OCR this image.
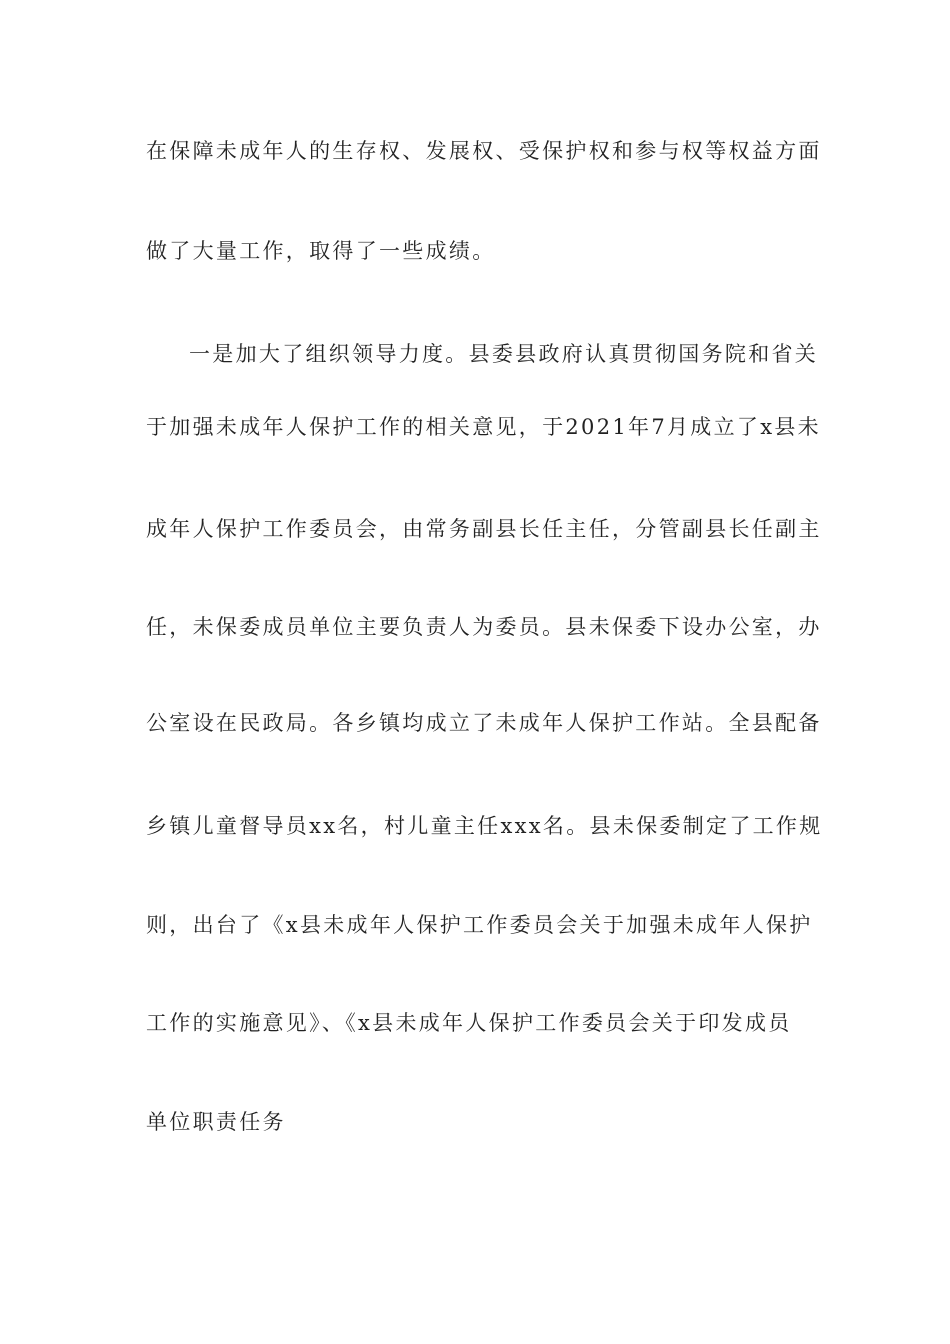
在保障未成年人的生存权、发展权、受保护权和参与权等权益方面
做了大量工作，取得了一些成绩。
一是加大了组织领导力度。县委县政府认真贯彻国务院和省关
于加强未成年人保护工作的相关意见，于2021年7月成立了x县未
成年人保护工作委员会，由常务副县长任主任，分管副县长任副主
任，未保委成员单位主要负责人为委员。县未保委下设办公室，办
公室设在民政局。各乡镇均成立了未成年人保护工作站。全县配备
乡镇儿童督导员xx名，村儿童主任xxx名。县未保委制定了工作规
则，出台了《x县未成年人保护工作委员会关于加强未成年人保护
工作的实施意见》、《x县未成年人保护工作委员会关于印发成员
单位职责任务
